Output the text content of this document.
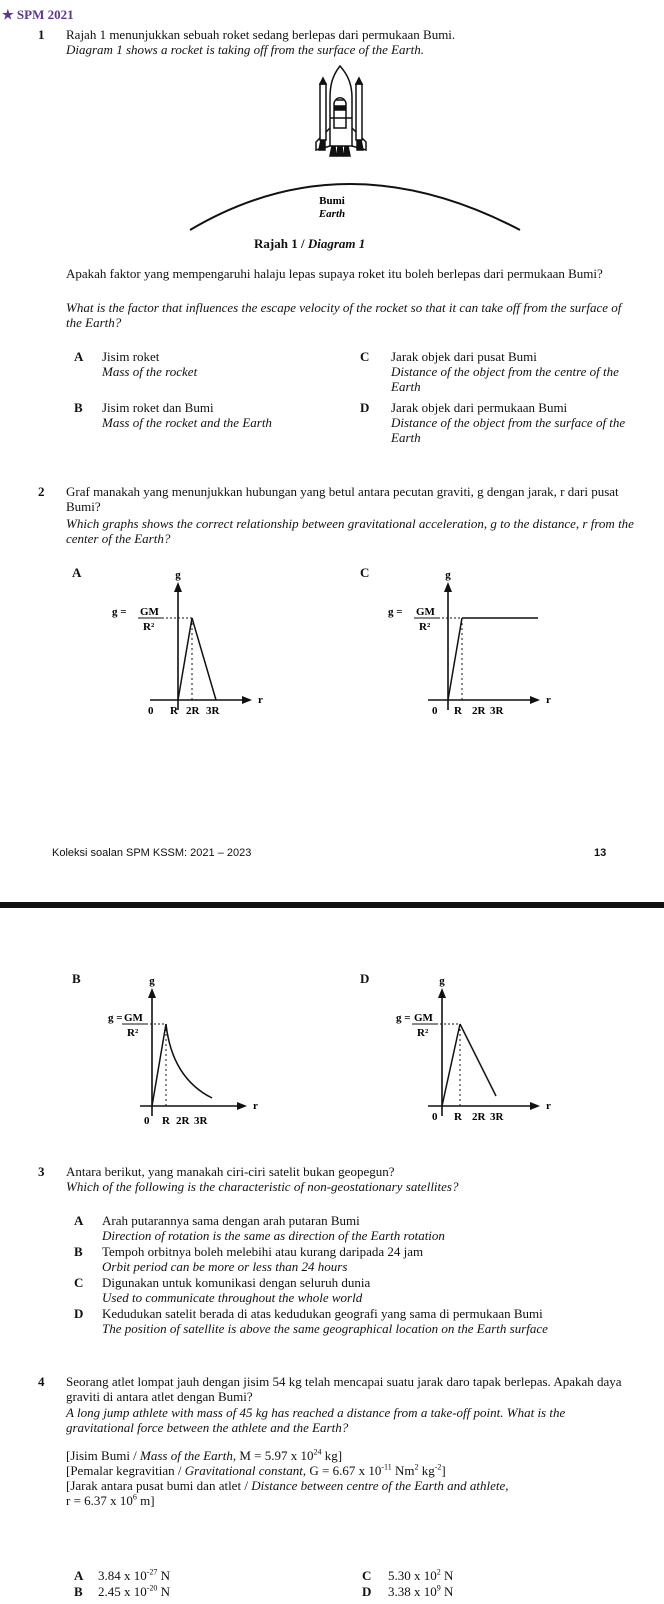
★ SPM 2021
1 Rajah 1 menunjukkan sebuah roket sedang berlepas dari permukaan Bumi.
Diagram 1 shows a rocket is taking off from the surface of the Earth.
Bumi
Earth
Rajah 1 / Diagram 1
Apakah faktor yang mempengaruhi halaju lepas supaya roket itu boleh berlepas dari permukaan Bumi?
What is the factor that influences the escape velocity of the rocket so that it can take off from the surface of the Earth?
A Jisim roket
Mass of the rocket
B Jisim roket dan Bumi
Mass of the rocket and the Earth
C Jarak objek dari pusat Bumi
Distance of the object from the centre of the Earth
D Jarak objek dari permukaan Bumi
Distance of the object from the surface of the Earth
2 Graf manakah yang menunjukkan hubungan yang betul antara pecutan graviti, g dengan jarak, r dari pusat Bumi?
Which graphs shows the correct relationship between gravitational acceleration, g to the distance, r from the center of the Earth?
A	C
g
r
g = GM
R²
0 R 2R 3R
g
r
g = GM
R²
0 R 2R 3R
Koleksi soalan SPM KSSM: 2021 – 2023	13
B	D
g
r
g = GM
R²
0 R 2R 3R
g
r
g = GM
R²
0 R 2R 3R
3 Antara berikut, yang manakah ciri-ciri satelit bukan geopegun?
Which of the following is the characteristic of non-geostationary satellites?
A Arah putarannya sama dengan arah putaran Bumi
Direction of rotation is the same as direction of the Earth rotation
B Tempoh orbitnya boleh melebihi atau kurang daripada 24 jam
Orbit period can be more or less than 24 hours
C Digunakan untuk komunikasi dengan seluruh dunia
Used to communicate throughout the whole world
D Kedudukan satelit berada di atas kedudukan geografi yang sama di permukaan Bumi
The position of satellite is above the same geographical location on the Earth surface
4 Seorang atlet lompat jauh dengan jisim 54 kg telah mencapai suatu jarak daro tapak berlepas. Apakah daya graviti di antara atlet dengan Bumi?
A long jump athlete with mass of 45 kg has reached a distance from a take-off point. What is the gravitational force between the athlete and the Earth?
[Jisim Bumi / Mass of the Earth, M = 5.97 x $10^{24}$ kg]
[Pemalar kegravitian / Gravitational constant, G = 6.67 x $10^{-11}$ Nm$^2$ $kg^{-2}$]
[Jarak antara pusat bumi dan atlet / Distance between centre of the Earth and athlete,
r = 6.37 x $10^6$ m]
A 3.84 x $10^{-27}$ N
B 2.45 x $10^{-20}$ N
C 5.30 x $10^2$ N
D 3.38 x $10^9$ N
